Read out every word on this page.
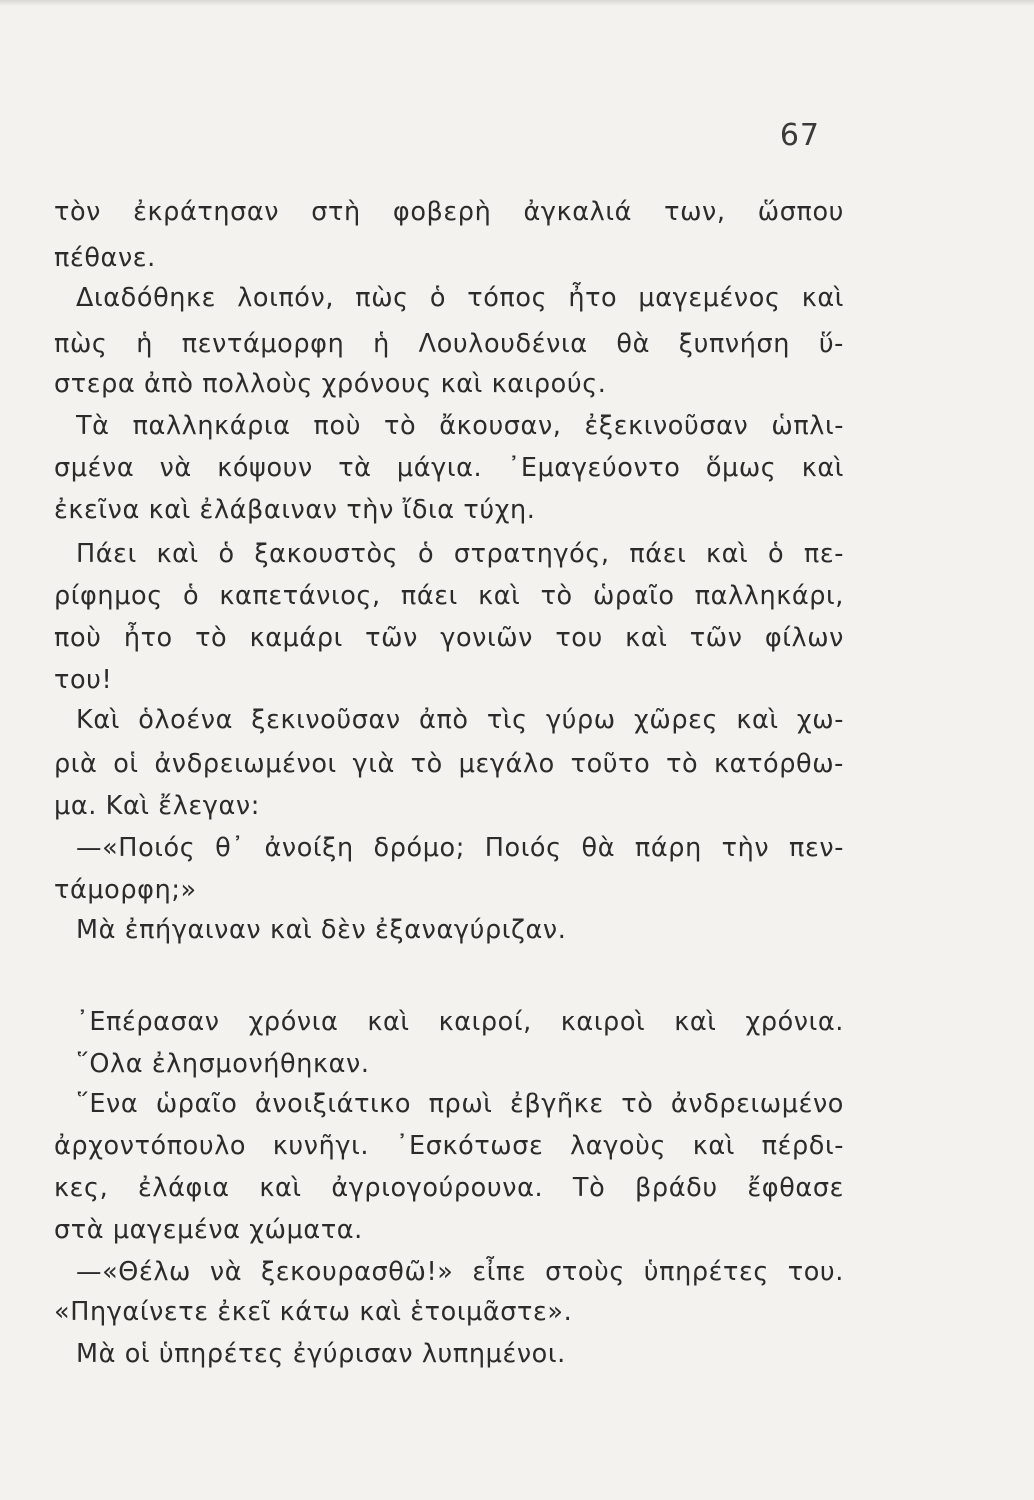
67
τὸν ἐκράτησαν στὴ φοβερὴ ἀγκαλιά των, ὥσπου
πέθανε.
Διαδόθηκε λοιπόν, πὼς ὁ τόπος ἦτο μαγεμένος καὶ
πὼς ἡ πεντάμορφη ἡ Λουλουδένια θὰ ξυπνήση ὕ-
στερα ἀπὸ πολλοὺς χρόνους καὶ καιρούς.
Τὰ παλληκάρια ποὺ τὸ ἄκουσαν, ἐξεκινοῦσαν ὡπλι-
σμένα νὰ κόψουν τὰ μάγια. ᾿Εμαγεύοντο ὅμως καὶ
ἐκεῖνα καὶ ἐλάβαιναν τὴν ἴδια τύχη.
Πάει καὶ ὁ ξακουστὸς ὁ στρατηγός, πάει καὶ ὁ πε-
ρίφημος ὁ καπετάνιος, πάει καὶ τὸ ὡραῖο παλληκάρι,
ποὺ ἦτο τὸ καμάρι τῶν γονιῶν του καὶ τῶν φίλων
του!
Καὶ ὁλοένα ξεκινοῦσαν ἀπὸ τὶς γύρω χῶρες καὶ χω-
ριὰ οἱ ἀνδρειωμένοι γιὰ τὸ μεγάλο τοῦτο τὸ κατόρθω-
μα. Καὶ ἔλεγαν:
—«Ποιός θ᾿ ἀνοίξη δρόμο; Ποιός θὰ πάρη τὴν πεν-
τάμορφη;»
Μὰ ἐπήγαιναν καὶ δὲν ἐξαναγύριζαν.
᾿Επέρασαν χρόνια καὶ καιροί, καιροὶ καὶ χρόνια.
῞Ολα ἐλησμονήθηκαν.
῞Ενα ὡραῖο ἀνοιξιάτικο πρωὶ ἐβγῆκε τὸ ἀνδρειωμένο
ἀρχοντόπουλο κυνῆγι. ᾿Εσκότωσε λαγοὺς καὶ πέρδι-
κες, ἐλάφια καὶ ἀγριογούρουνα. Τὸ βράδυ ἔφθασε
στὰ μαγεμένα χώματα.
—«Θέλω νὰ ξεκουρασθῶ!» εἶπε στοὺς ὑπηρέτες του.
«Πηγαίνετε ἐκεῖ κάτω καὶ ἑτοιμᾶστε».
Μὰ οἱ ὑπηρέτες ἐγύρισαν λυπημένοι.
